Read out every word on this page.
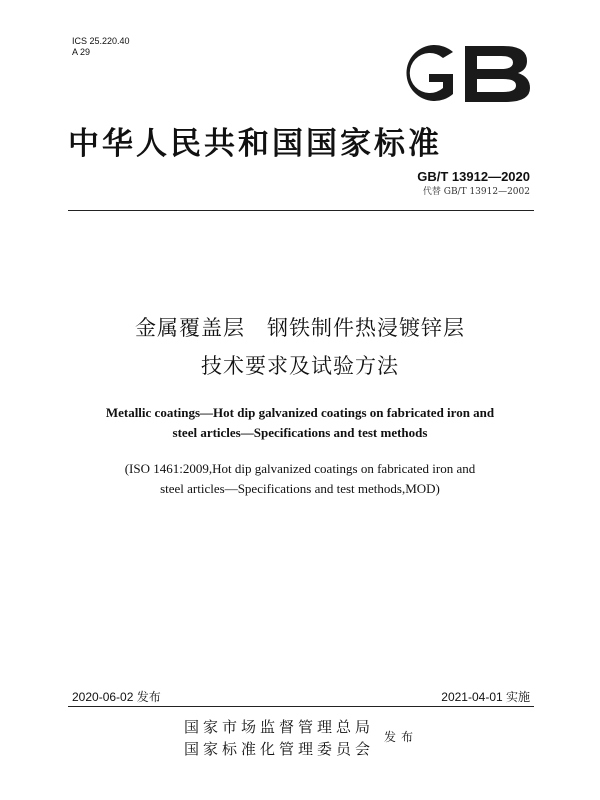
ICS 25.220.40
A 29
GB
中华人民共和国国家标准
GB/T 13912—2020
代替 GB/T 13912—2002
金属覆盖层　钢铁制件热浸镀锌层
技术要求及试验方法
Metallic coatings—Hot dip galvanized coatings on fabricated iron and
steel articles—Specifications and test methods
(ISO 1461:2009,Hot dip galvanized coatings on fabricated iron and
steel articles—Specifications and test methods,MOD)
2020-06-02 发布	2021-04-01 实施
国家市场监督管理总局
国家标准化管理委员会
发布
